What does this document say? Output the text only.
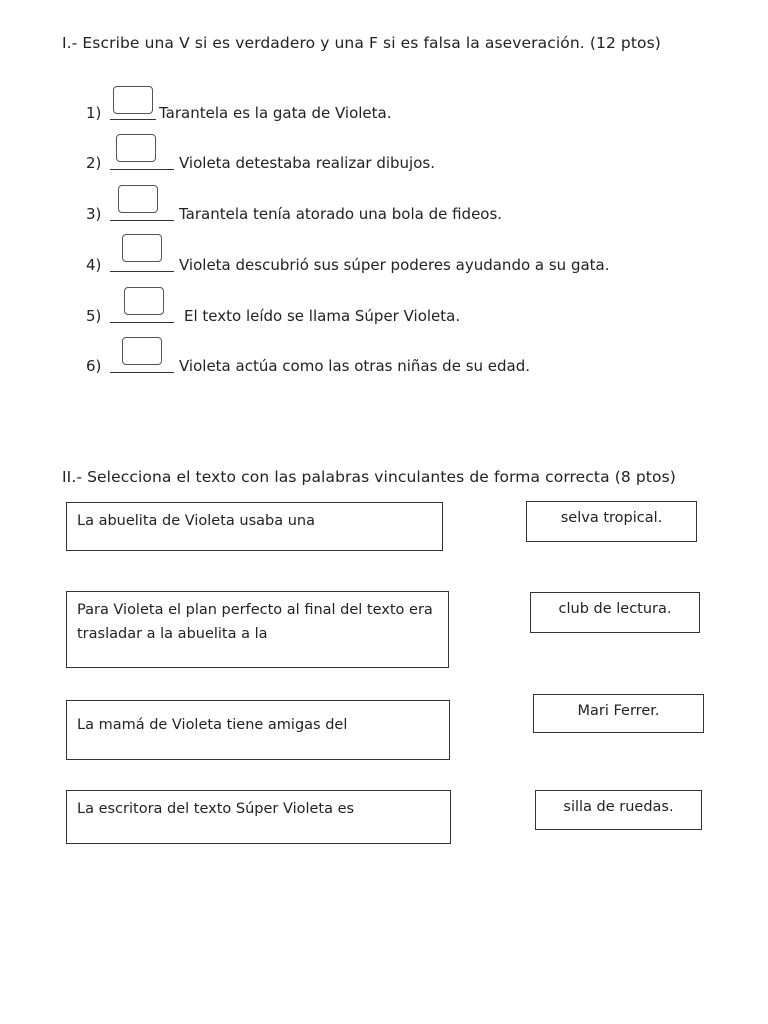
I.- Escribe una V si es verdadero y una F si es falsa la aseveración. (12 ptos)
1)	Tarantela es la gata de Violeta.
2)	Violeta detestaba realizar dibujos.
3)	Tarantela tenía atorado una bola de fideos.
4)	Violeta descubrió sus súper poderes ayudando a su gata.
5)	El texto leído se llama Súper Violeta.
6)	Violeta actúa como las otras niñas de su edad.
II.- Selecciona el texto con las palabras vinculantes de forma correcta (8 ptos)
La abuelita de Violeta usaba una
Para Violeta el plan perfecto al final del texto era trasladar a la abuelita a la
La mamá de Violeta tiene amigas del
La escritora del texto Súper Violeta es
selva tropical.
club de lectura.
Mari Ferrer.
silla de ruedas.
